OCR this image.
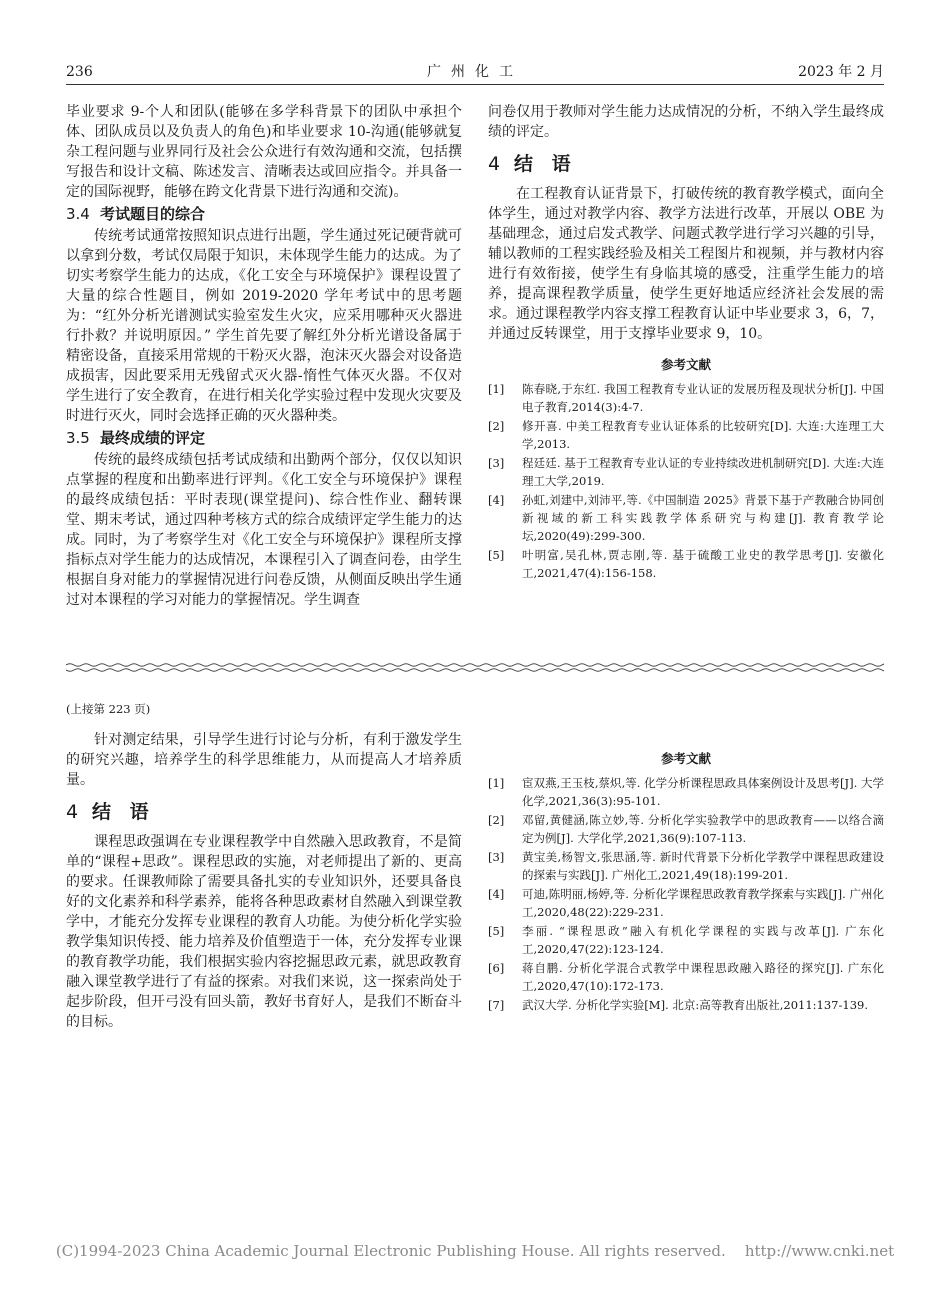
236	广州化工	2023 年 2 月

毕业要求 9-个人和团队(能够在多学科背景下的团队中承担个体、团队成员以及负责人的角色)和毕业要求 10-沟通(能够就复杂工程问题与业界同行及社会公众进行有效沟通和交流，包括撰写报告和设计文稿、陈述发言、清晰表达或回应指令。并具备一定的国际视野，能够在跨文化背景下进行沟通和交流)。

3.4 考试题目的综合

传统考试通常按照知识点进行出题，学生通过死记硬背就可以拿到分数，考试仅局限于知识，未体现学生能力的达成。为了切实考察学生能力的达成，《化工安全与环境保护》课程设置了大量的综合性题目，例如 2019-2020 学年考试中的思考题为：“红外分析光谱测试实验室发生火灾，应采用哪种灭火器进行扑救？并说明原因。” 学生首先要了解红外分析光谱设备属于精密设备，直接采用常规的干粉灭火器，泡沫灭火器会对设备造成损害，因此要采用无残留式灭火器-惰性气体灭火器。不仅对学生进行了安全教育，在进行相关化学实验过程中发现火灾要及时进行灭火，同时会选择正确的灭火器种类。

3.5 最终成绩的评定

传统的最终成绩包括考试成绩和出勤两个部分，仅仅以知识点掌握的程度和出勤率进行评判。《化工安全与环境保护》课程的最终成绩包括：平时表现(课堂提问)、综合性作业、翻转课堂、期末考试，通过四种考核方式的综合成绩评定学生能力的达成。同时，为了考察学生对《化工安全与环境保护》课程所支撑指标点对学生能力的达成情况，本课程引入了调查问卷，由学生根据自身对能力的掌握情况进行问卷反馈，从侧面反映出学生通过对本课程的学习对能力的掌握情况。学生调查

问卷仅用于教师对学生能力达成情况的分析，不纳入学生最终成绩的评定。

4 结 语

在工程教育认证背景下，打破传统的教育教学模式，面向全体学生，通过对教学内容、教学方法进行改革，开展以 OBE 为基础理念，通过启发式教学、问题式教学进行学习兴趣的引导，辅以教师的工程实践经验及相关工程图片和视频，并与教材内容进行有效衔接，使学生有身临其境的感受，注重学生能力的培养，提高课程教学质量，使学生更好地适应经济社会发展的需求。通过课程教学内容支撑工程教育认证中毕业要求 3，6，7，并通过反转课堂，用于支撑毕业要求 9，10。

参考文献
[1] 陈春晓,于东红. 我国工程教育专业认证的发展历程及现状分析[J]. 中国电子教育,2014(3):4-7.
[2] 修开喜. 中美工程教育专业认证体系的比较研究[D]. 大连:大连理工大学,2013.
[3] 程廷廷. 基于工程教育专业认证的专业持续改进机制研究[D]. 大连:大连理工大学,2019.
[4] 孙虹,刘建中,刘沛平,等.《中国制造 2025》背景下基于产教融合协同创新视域的新工科实践教学体系研究与构建[J]. 教育教学论坛,2020(49):299-300.
[5] 叶明富,吴孔林,贾志刚,等. 基于硫酸工业史的教学思考[J]. 安徽化工,2021,47(4):156-158.
(上接第 223 页)

针对测定结果，引导学生进行讨论与分析，有利于激发学生的研究兴趣，培养学生的科学思维能力，从而提高人才培养质量。

4 结 语

课程思政强调在专业课程教学中自然融入思政教育，不是简单的“课程+思政”。课程思政的实施，对老师提出了新的、更高的要求。任课教师除了需要具备扎实的专业知识外，还要具备良好的文化素养和科学素养，能将各种思政素材自然融入到课堂教学中，才能充分发挥专业课程的教育人功能。为使分析化学实验教学集知识传授、能力培养及价值塑造于一体，充分发挥专业课的教育教学功能，我们根据实验内容挖掘思政元素，就思政教育融入课堂教学进行了有益的探索。对我们来说，这一探索尚处于起步阶段，但开弓没有回头箭，教好书育好人，是我们不断奋斗的目标。

参考文献
[1] 宦双燕,王玉枝,蔡炽,等. 化学分析课程思政具体案例设计及思考[J]. 大学化学,2021,36(3):95-101.
[2] 邓留,黄健涵,陈立妙,等. 分析化学实验教学中的思政教育——以络合滴定为例[J]. 大学化学,2021,36(9):107-113.
[3] 黄宝美,杨智文,张思涵,等. 新时代背景下分析化学教学中课程思政建设的探索与实践[J]. 广州化工,2021,49(18):199-201.
[4] 可迪,陈明丽,杨婷,等. 分析化学课程思政教育教学探索与实践[J]. 广州化工,2020,48(22):229-231.
[5] 李丽. “课程思政”融入有机化学课程的实践与改革[J]. 广东化工,2020,47(22):123-124.
[6] 蒋自鹏. 分析化学混合式教学中课程思政融入路径的探究[J]. 广东化工,2020,47(10):172-173.
[7] 武汉大学. 分析化学实验[M]. 北京:高等教育出版社,2011:137-139.
(C)1994-2023 China Academic Journal Electronic Publishing House. All rights reserved.    http://www.cnki.net
